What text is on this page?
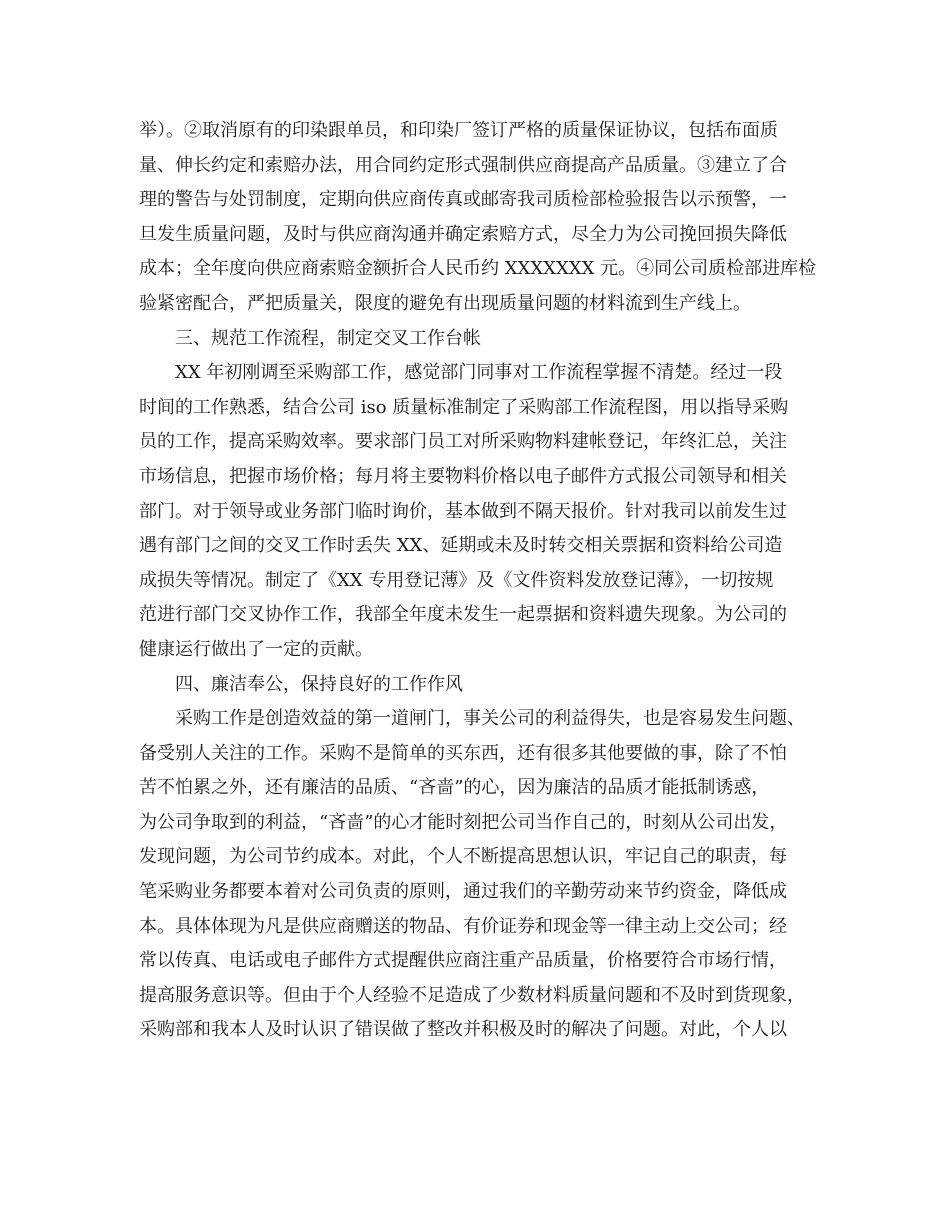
举）。②取消原有的印染跟单员，和印染厂签订严格的质量保证协议，包括布面质
量、伸长约定和索赔办法，用合同约定形式强制供应商提高产品质量。③建立了合
理的警告与处罚制度，定期向供应商传真或邮寄我司质检部检验报告以示预警，一
旦发生质量问题，及时与供应商沟通并确定索赔方式，尽全力为公司挽回损失降低
成本；全年度向供应商索赔金额折合人民币约 XXXXXXX 元。④同公司质检部进库检
验紧密配合，严把质量关，限度的避免有出现质量问题的材料流到生产线上。
三、规范工作流程，制定交叉工作台帐
XX 年初刚调至采购部工作，感觉部门同事对工作流程掌握不清楚。经过一段
时间的工作熟悉，结合公司 iso 质量标准制定了采购部工作流程图，用以指导采购
员的工作，提高采购效率。要求部门员工对所采购物料建帐登记，年终汇总，关注
市场信息，把握市场价格；每月将主要物料价格以电子邮件方式报公司领导和相关
部门。对于领导或业务部门临时询价，基本做到不隔天报价。针对我司以前发生过
遇有部门之间的交叉工作时丢失 XX、延期或未及时转交相关票据和资料给公司造
成损失等情况。制定了《XX 专用登记薄》及《文件资料发放登记薄》，一切按规
范进行部门交叉协作工作，我部全年度未发生一起票据和资料遗失现象。为公司的
健康运行做出了一定的贡献。
四、廉洁奉公，保持良好的工作作风
采购工作是创造效益的第一道闸门，事关公司的利益得失，也是容易发生问题、
备受别人关注的工作。采购不是简单的买东西，还有很多其他要做的事，除了不怕
苦不怕累之外，还有廉洁的品质、“吝啬”的心，因为廉洁的品质才能抵制诱惑，
为公司争取到的利益，“吝啬”的心才能时刻把公司当作自己的，时刻从公司出发，
发现问题，为公司节约成本。对此，个人不断提高思想认识，牢记自己的职责，每
笔采购业务都要本着对公司负责的原则，通过我们的辛勤劳动来节约资金，降低成
本。具体体现为凡是供应商赠送的物品、有价证券和现金等一律主动上交公司；经
常以传真、电话或电子邮件方式提醒供应商注重产品质量，价格要符合市场行情，
提高服务意识等。但由于个人经验不足造成了少数材料质量问题和不及时到货现象，
采购部和我本人及时认识了错误做了整改并积极及时的解决了问题。对此，个人以
